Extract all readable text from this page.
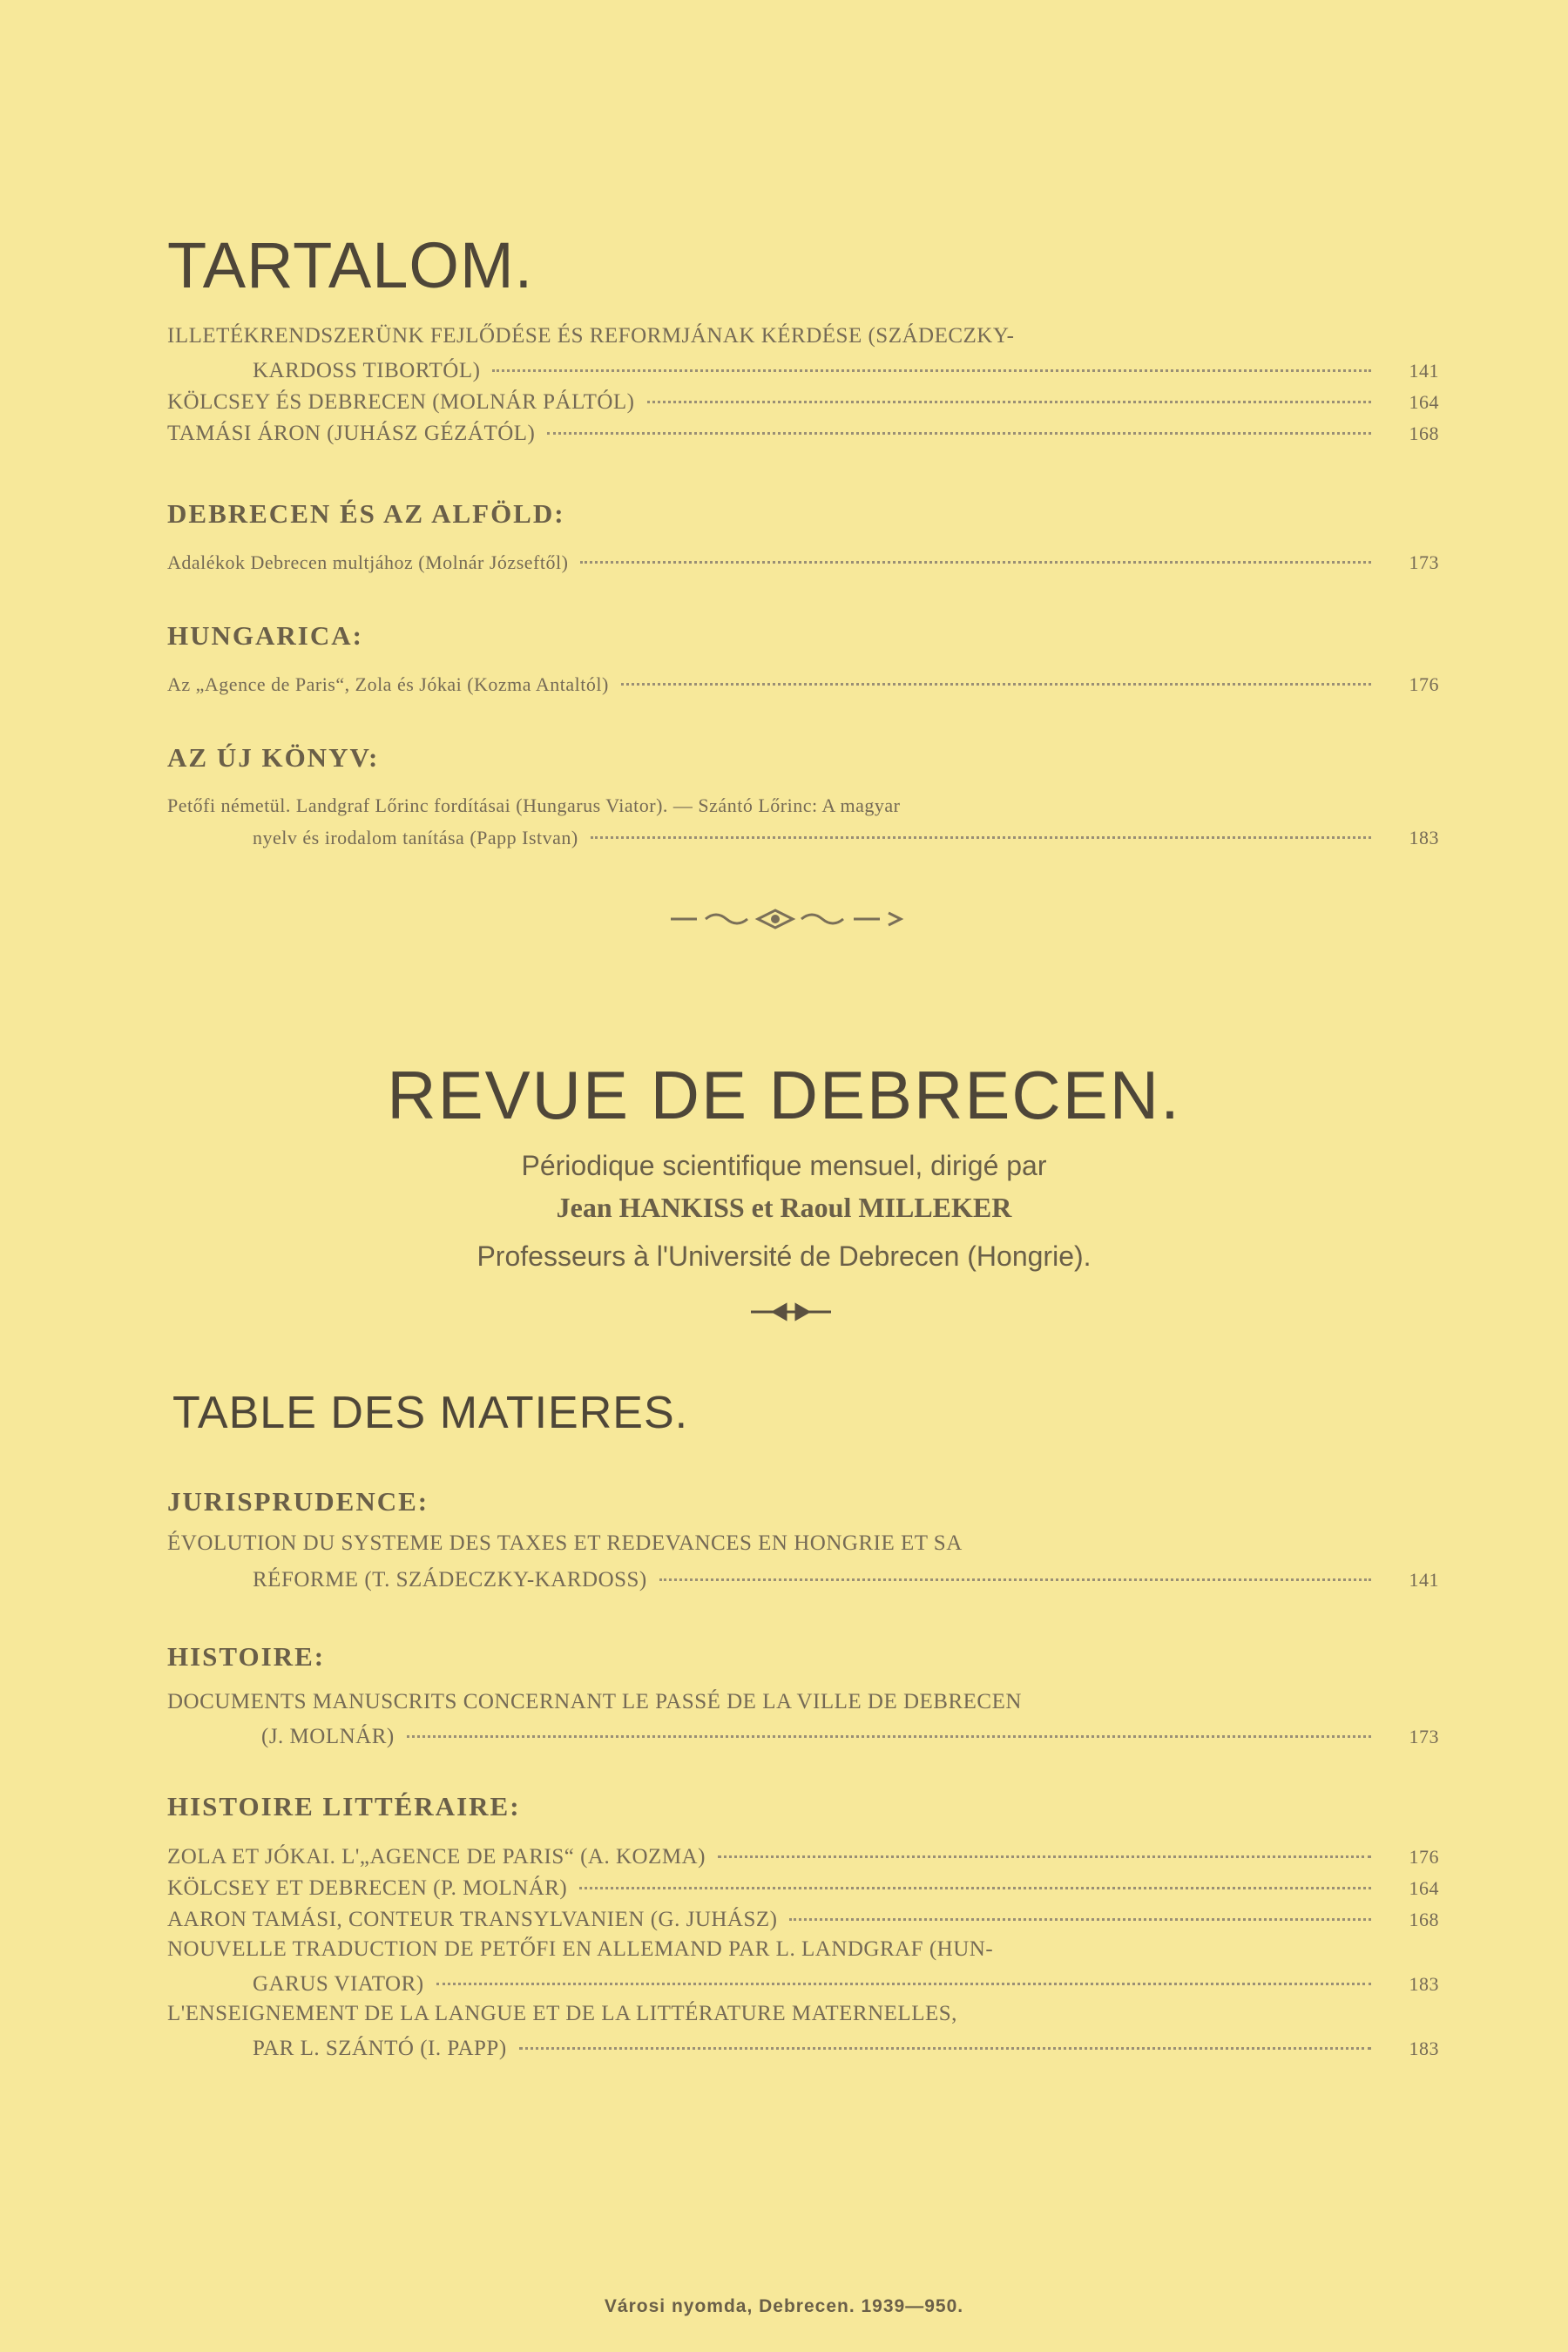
TARTALOM.
ILLETÉKRENDSZERÜNK FEJLŐDÉSE ÉS REFORMJÁNAK KÉRDÉSE (SZÁDECZKY-
KARDOSS TIBORTÓL)	141
KÖLCSEY ÉS DEBRECEN (MOLNÁR PÁLTÓL)	164
TAMÁSI ÁRON (JUHÁSZ GÉZÁTÓL)	168
DEBRECEN ÉS AZ ALFÖLD:
Adalékok Debrecen multjához (Molnár Józseftől)	173
HUNGARICA:
Az „Agence de Paris“, Zola és Jókai (Kozma Antaltól)	176
AZ ÚJ KÖNYV:
Petőfi németül. Landgraf Lőrinc fordításai (Hungarus Viator). — Szántó Lőrinc: A magyar
nyelv és irodalom tanítása (Papp Istvan)	183
REVUE DE DEBRECEN.
Périodique scientifique mensuel, dirigé par
Jean HANKISS et Raoul MILLEKER
Professeurs à l'Université de Debrecen (Hongrie).
TABLE DES MATIERES.
JURISPRUDENCE:
ÉVOLUTION DU SYSTEME DES TAXES ET REDEVANCES EN HONGRIE ET SA
RÉFORME (T. SZÁDECZKY-KARDOSS)	141
HISTOIRE:
DOCUMENTS MANUSCRITS CONCERNANT LE PASSÉ DE LA VILLE DE DEBRECEN
(J. MOLNÁR)	173
HISTOIRE LITTÉRAIRE:
ZOLA ET JÓKAI. L'„AGENCE DE PARIS“ (A. KOZMA)	176
KÖLCSEY ET DEBRECEN (P. MOLNÁR)	164
AARON TAMÁSI, CONTEUR TRANSYLVANIEN (G. JUHÁSZ)	168
NOUVELLE TRADUCTION DE PETŐFI EN ALLEMAND PAR L. LANDGRAF (HUN-
GARUS VIATOR)	183
L'ENSEIGNEMENT DE LA LANGUE ET DE LA LITTÉRATURE MATERNELLES,
PAR L. SZÁNTÓ (I. PAPP)	183
Városi nyomda, Debrecen. 1939—950.
